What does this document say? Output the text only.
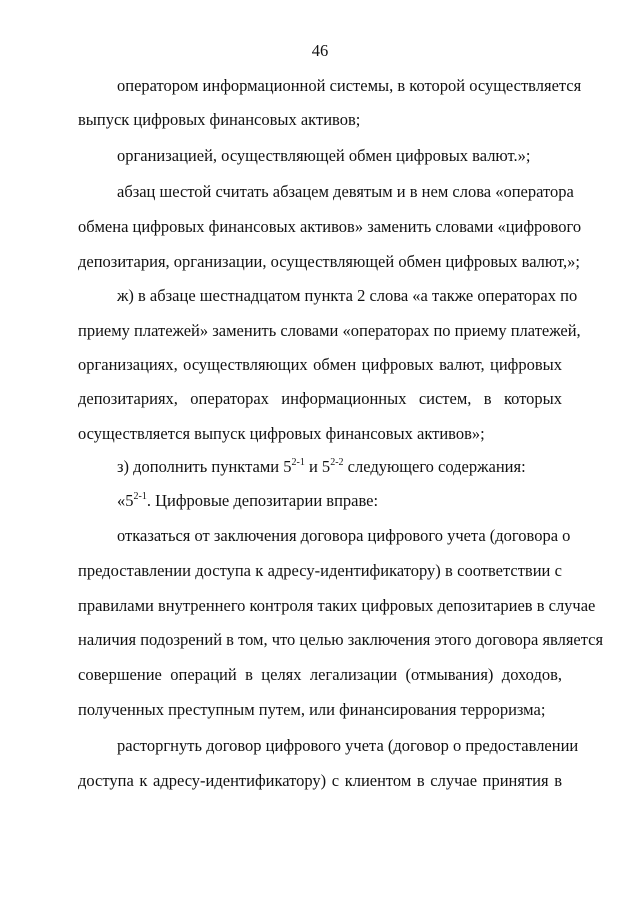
46
оператором информационной системы, в которой осуществляется
выпуск цифровых финансовых активов;
организацией, осуществляющей обмен цифровых валют.»;
абзац шестой считать абзацем девятым и в нем слова «оператора
обмена цифровых финансовых активов» заменить словами «цифрового
депозитария, организации, осуществляющей обмен цифровых валют,»;
ж) в абзаце шестнадцатом пункта 2 слова «а также операторах по
приему платежей» заменить словами «операторах по приему платежей,
организациях, осуществляющих обмен цифровых валют, цифровых
депозитариях, операторах информационных систем, в которых
осуществляется выпуск цифровых финансовых активов»;
з) дополнить пунктами 5$^{2-1}$ и 5$^{2-2}$ следующего содержания:
«5$^{2-1}$. Цифровые депозитарии вправе:
отказаться от заключения договора цифрового учета (договора о
предоставлении доступа к адресу-идентификатору) в соответствии с
правилами внутреннего контроля таких цифровых депозитариев в случае
наличия подозрений в том, что целью заключения этого договора является
совершение операций в целях легализации (отмывания) доходов,
полученных преступным путем, или финансирования терроризма;
расторгнуть договор цифрового учета (договор о предоставлении
доступа к адресу-идентификатору) с клиентом в случае принятия в
